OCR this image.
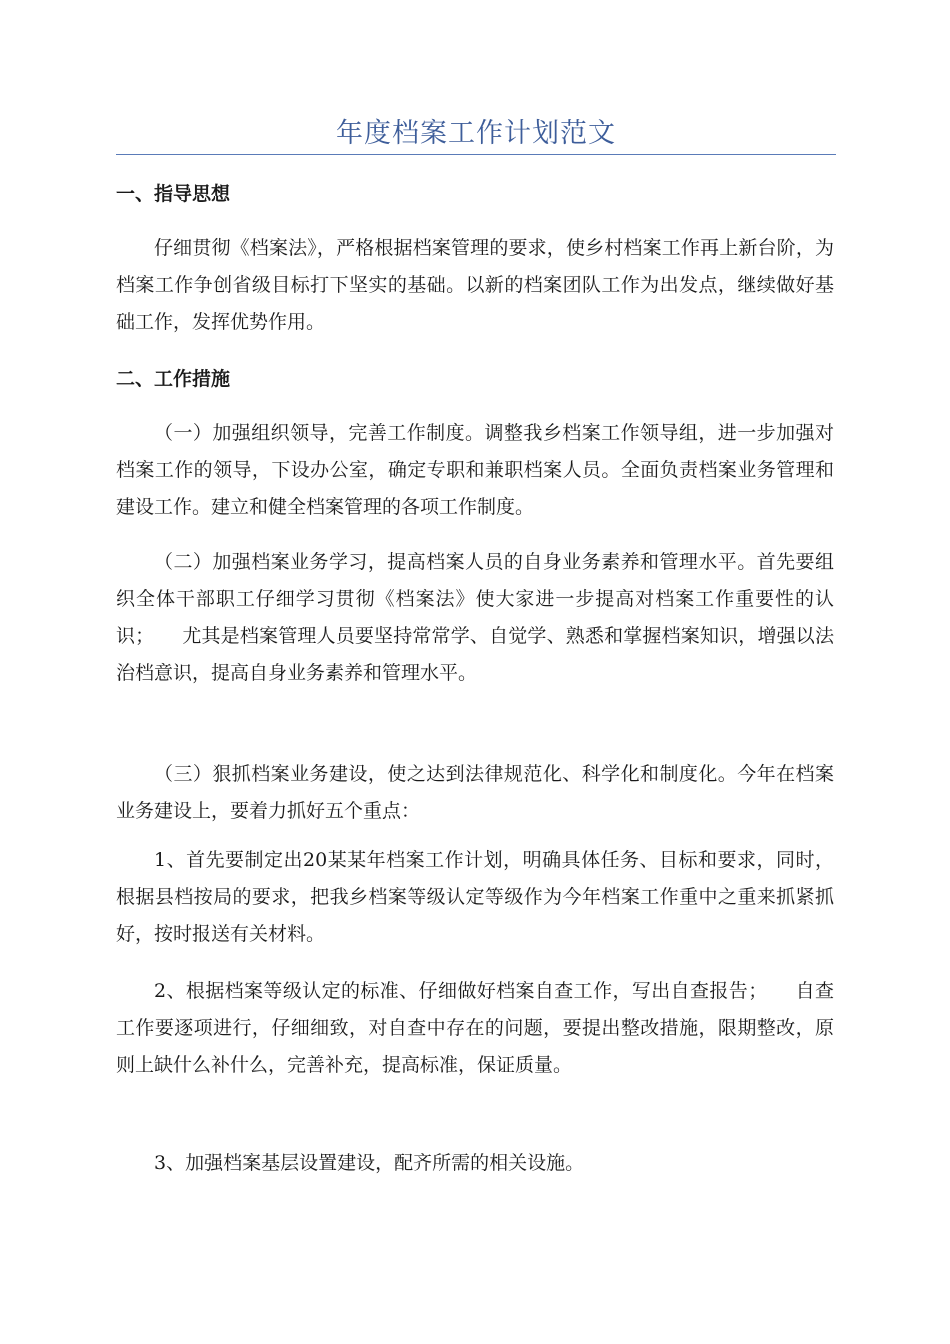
年度档案工作计划范文
一、指导思想

仔细贯彻《档案法》，严格根据档案管理的要求，使乡村档案工作再上新台阶，为档案工作争创省级目标打下坚实的基础。以新的档案团队工作为出发点，继续做好基础工作，发挥优势作用。

二、工作措施

（一）加强组织领导，完善工作制度。调整我乡档案工作领导组，进一步加强对档案工作的领导，下设办公室，确定专职和兼职档案人员。全面负责档案业务管理和建设工作。建立和健全档案管理的各项工作制度。

（二）加强档案业务学习，提高档案人员的自身业务素养和管理水平。首先要组织全体干部职工仔细学习贯彻《档案法》使大家进一步提高对档案工作重要性的认识； 尤其是档案管理人员要坚持常常学、自觉学、熟悉和掌握档案知识，增强以法治档意识，提高自身业务素养和管理水平。

（三）狠抓档案业务建设，使之达到法律规范化、科学化和制度化。今年在档案业务建设上，要着力抓好五个重点：

1、首先要制定出20某某年档案工作计划，明确具体任务、目标和要求，同时，根据县档按局的要求，把我乡档案等级认定等级作为今年档案工作重中之重来抓紧抓好，按时报送有关材料。

2、根据档案等级认定的标准、仔细做好档案自查工作，写出自查报告； 自查工作要逐项进行，仔细细致，对自查中存在的问题，要提出整改措施，限期整改，原则上缺什么补什么，完善补充，提高标准，保证质量。

3、加强档案基层设置建设，配齐所需的相关设施。
